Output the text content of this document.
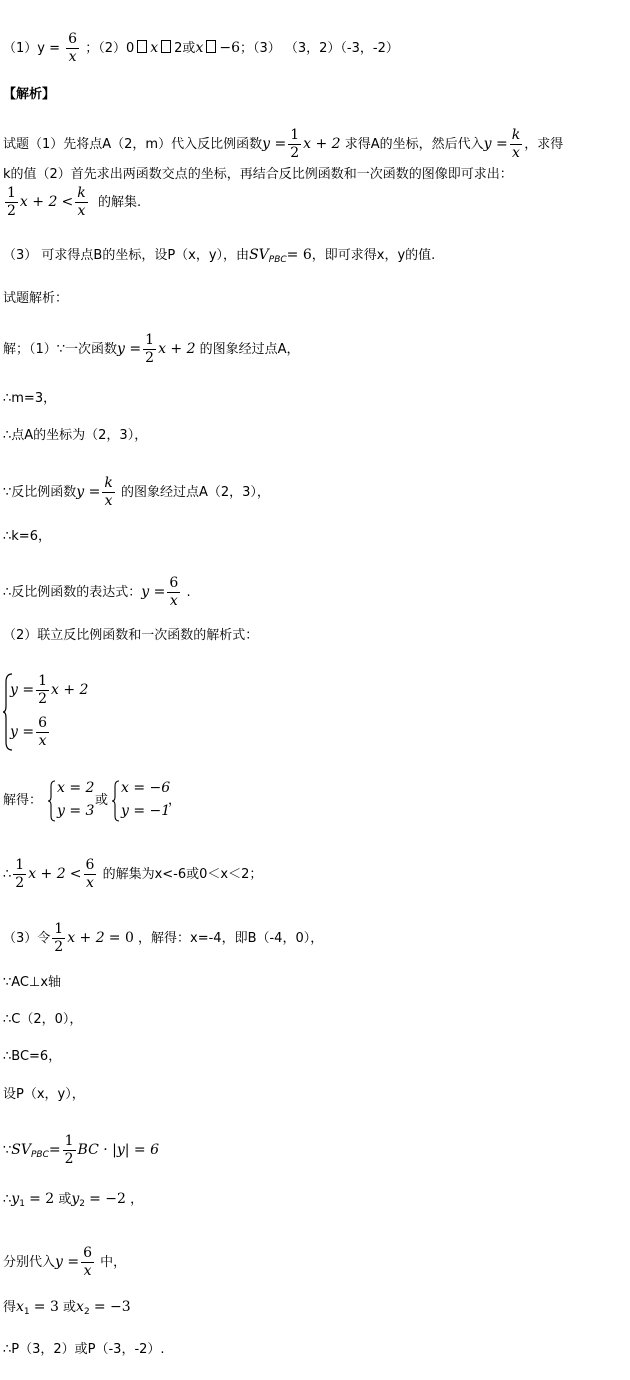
$(1)y = \frac{6}{x}$ ；（2）0 x 2或x −6；（3） （3，2）（-3，-2）
【解析】
试题（1）先将点A（2，m）代入反比例函数$y = \frac{1}{2}$ x + 2 求得A的坐标，然后代入$y = \frac{k}{x}$ ，求得
k的值（2）首先求出两函数交点的坐标，再结合反比例函数和一次函数的图像即可求出：
$\frac{1}{2}$ $x + 2 < \frac{k}{x}$ 的解集.
（3） 可求得点B的坐标，设P（x，y），由$SV_{PBC}= 6$，即可求得x，y的值.
试题解析：
解；（1）∵一次函数$y = \frac{1}{2}$ x + 2 的图象经过点A，
∴m=3，
∴点A的坐标为（2，3），
∵反比例函数$y = \frac{k}{x}$ 的图象经过点A（2，3），
∴k=6，
∴反比例函数的表达式：$y = \frac{6}{x}$ .
（2）联立反比例函数和一次函数的解析式：
$y = \frac{1}{2}$ x + 2
$y = \frac{6}{x}$
解得：
x = 2
y = 3
或
x = −6
y = −1
，
∴ $\frac{1}{2}$ $x + 2 < \frac{6}{x}$ 的解集为x<-6或0＜x＜2；
（3）令 $\frac{1}{2}$ x + 2 = 0 ，解得：x=-4，即B（-4，0），
∵AC⊥x轴
∴C（2，0），
∴BC=6，
设P（x，y），
$\because SV_{PBC}= \frac{1}{2}$ BC · |y| = 6
$\therefore y_1 = 2$ 或$y_2 = -2$ ，
分别代入$y = \frac{6}{x}$ 中，
得$x_1 = 3$ 或$x_2 = -3$
∴P（3，2）或P（-3，-2）.
